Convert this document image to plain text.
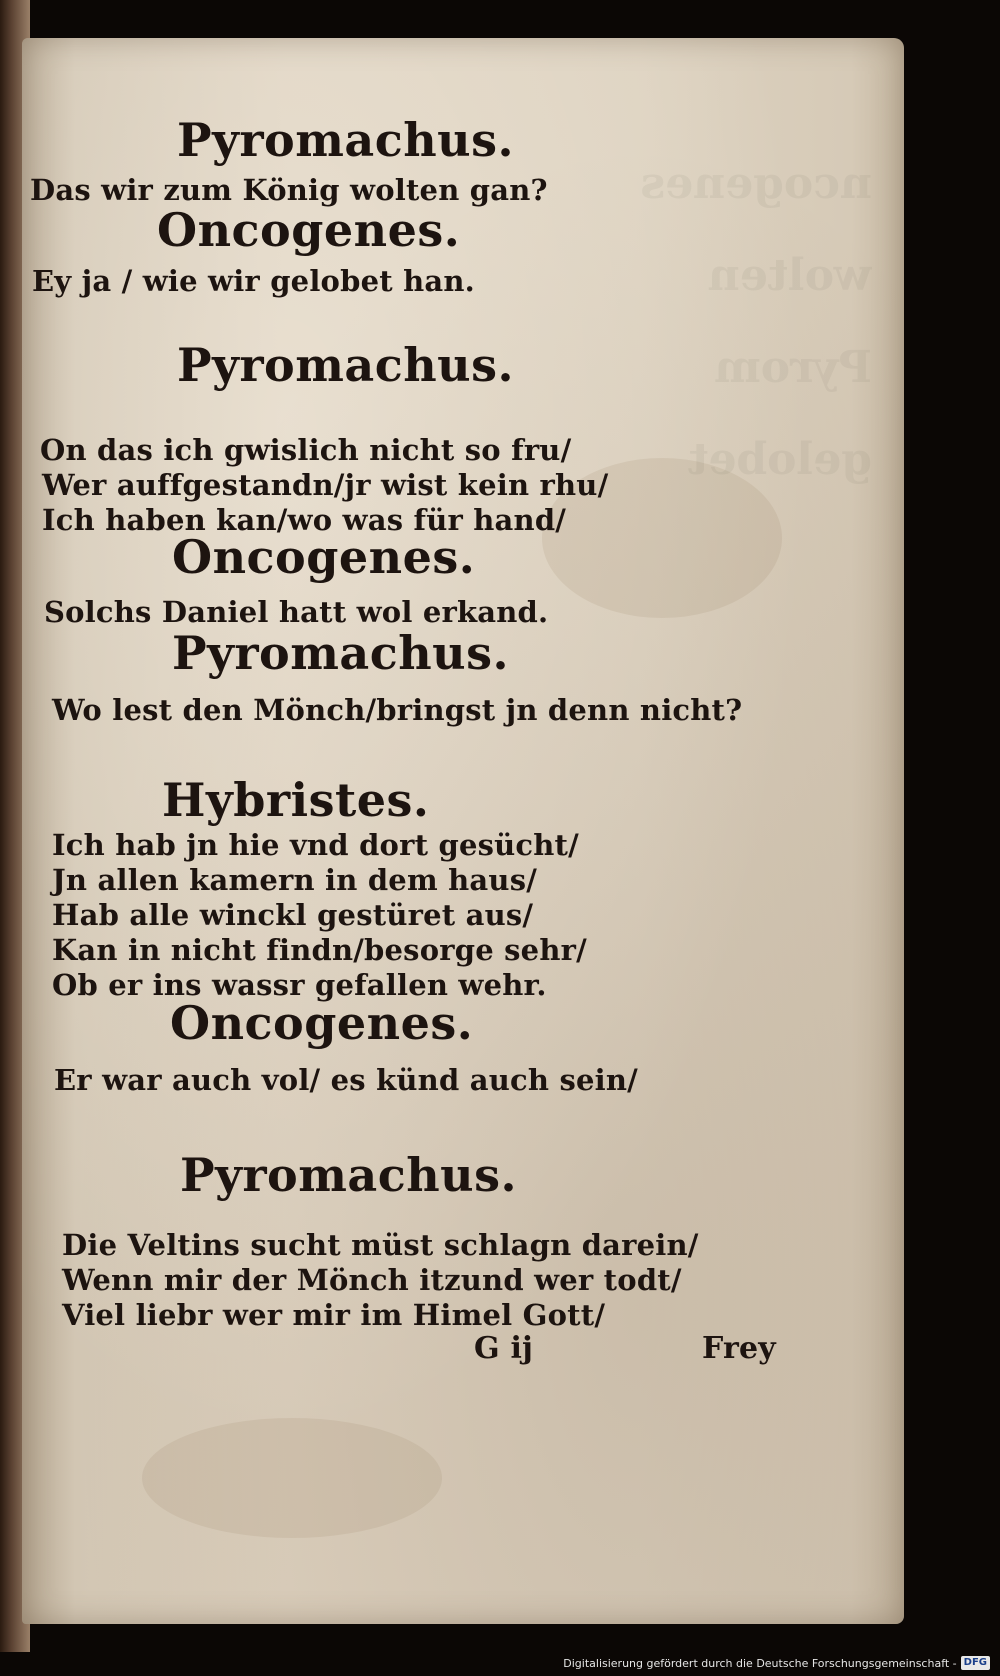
ncogenes
wolten
Pyrom
gelobet

Pyromachus.

Das wir zum König wolten gan?

Oncogenes.

Ey ja / wie wir gelobet han.

Pyromachus.

On das ich gwislich nicht so fru/

Wer auffgestandn/jr wist kein rhu/

Ich haben kan/wo was für hand/

Oncogenes.

Solchs Daniel hatt wol erkand.

Pyromachus.

Wo lest den Mönch/bringst jn denn nicht?

Hybristes.

Ich hab jn hie vnd dort gesücht/

Jn allen kamern in dem haus/

Hab alle winckl gestüret aus/

Kan in nicht findn/besorge sehr/

Ob er ins wassr gefallen wehr.

Oncogenes.

Er war auch vol/ es künd auch sein/

Pyromachus.

Die Veltins sucht müst schlagn darein/

Wenn mir der Mönch itzund wer todt/

Viel liebr wer mir im Himel Gott/

G ij	Frey

Digitalisierung gefördert durch die Deutsche Forschungsgemeinschaft - DFG
